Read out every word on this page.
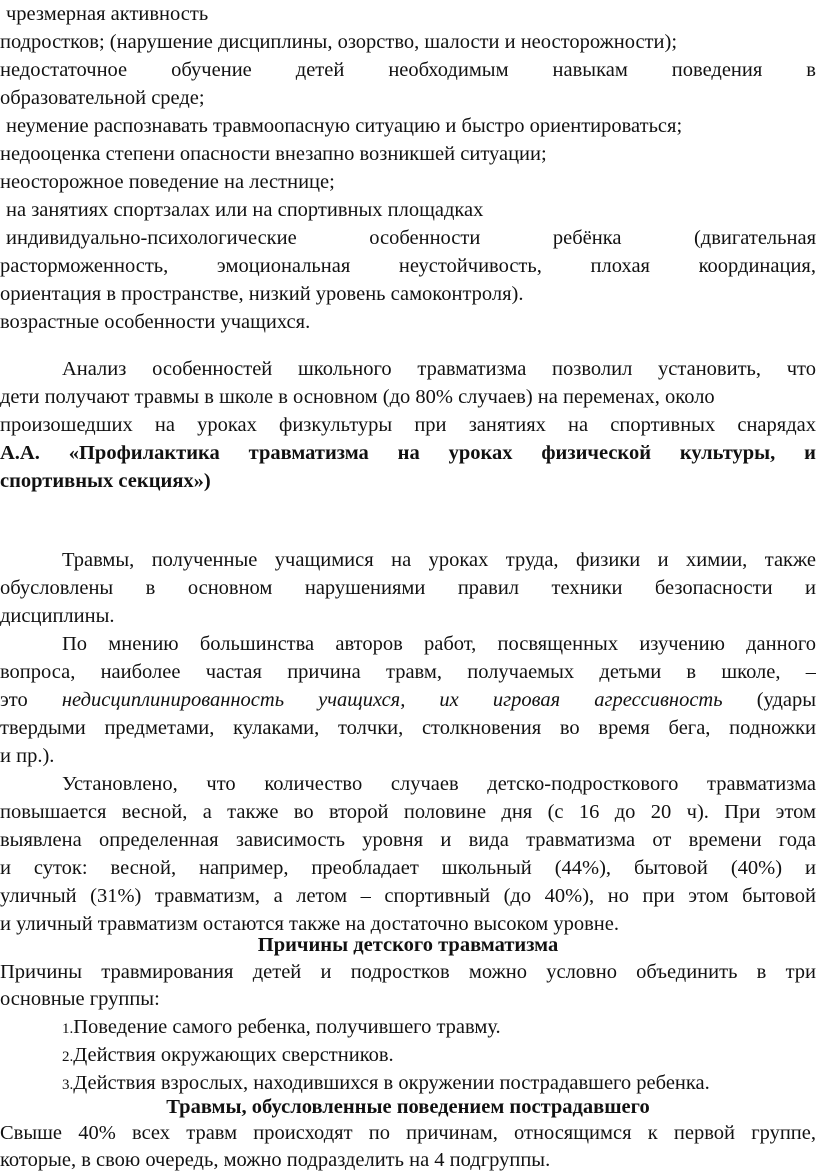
чрезмерная активность
подростков; (нарушение дисциплины, озорство, шалости и неосторожности);
недостаточное обучение детей необходимым навыкам поведения в
образовательной среде;
неумение распознавать травмоопасную ситуацию и быстро ориентироваться;
недооценка степени опасности внезапно возникшей ситуации;
неосторожное поведение на лестнице;
на занятиях спортзалах или на спортивных площадках
индивидуально-психологические особенности ребёнка (двигательная
расторможенность, эмоциональная неустойчивость, плохая координация,
ориентация в пространстве, низкий уровень самоконтроля).
возрастные особенности учащихся.
Анализ особенностей школьного травматизма позволил установить, что
дети получают травмы в школе в основном (до 80% случаев) на переменах, около
произошедших на уроках физкультуры при занятиях на спортивных снарядах
А.А. «Профилактика травматизма на уроках физической культуры, и
спортивных секциях»)
Травмы, полученные учащимися на уроках труда, физики и химии, также
обусловлены в основном нарушениями правил техники безопасности и
дисциплины.
По мнению большинства авторов работ, посвященных изучению данного
вопроса, наиболее частая причина травм, получаемых детьми в школе, –
это недисциплинированность учащихся, их игровая агрессивность (удары
твердыми предметами, кулаками, толчки, столкновения во время бега, подножки
и пр.).
Установлено, что количество случаев детско-подросткового травматизма
повышается весной, а также во второй половине дня (с 16 до 20 ч). При этом
выявлена определенная зависимость уровня и вида травматизма от времени года
и суток: весной, например, преобладает школьный (44%), бытовой (40%) и
уличный (31%) травматизм, а летом – спортивный (до 40%), но при этом бытовой
и уличный травматизм остаются также на достаточно высоком уровне.
Причины детского травматизма
Причины травмирования детей и подростков можно условно объединить в три
основные группы:
1.Поведение самого ребенка, получившего травму.
2.Действия окружающих сверстников.
3.Действия взрослых, находившихся в окружении пострадавшего ребенка.
Травмы, обусловленные поведением пострадавшего
Свыше 40% всех травм происходят по причинам, относящимся к первой группе,
которые, в свою очередь, можно подразделить на 4 подгруппы.
